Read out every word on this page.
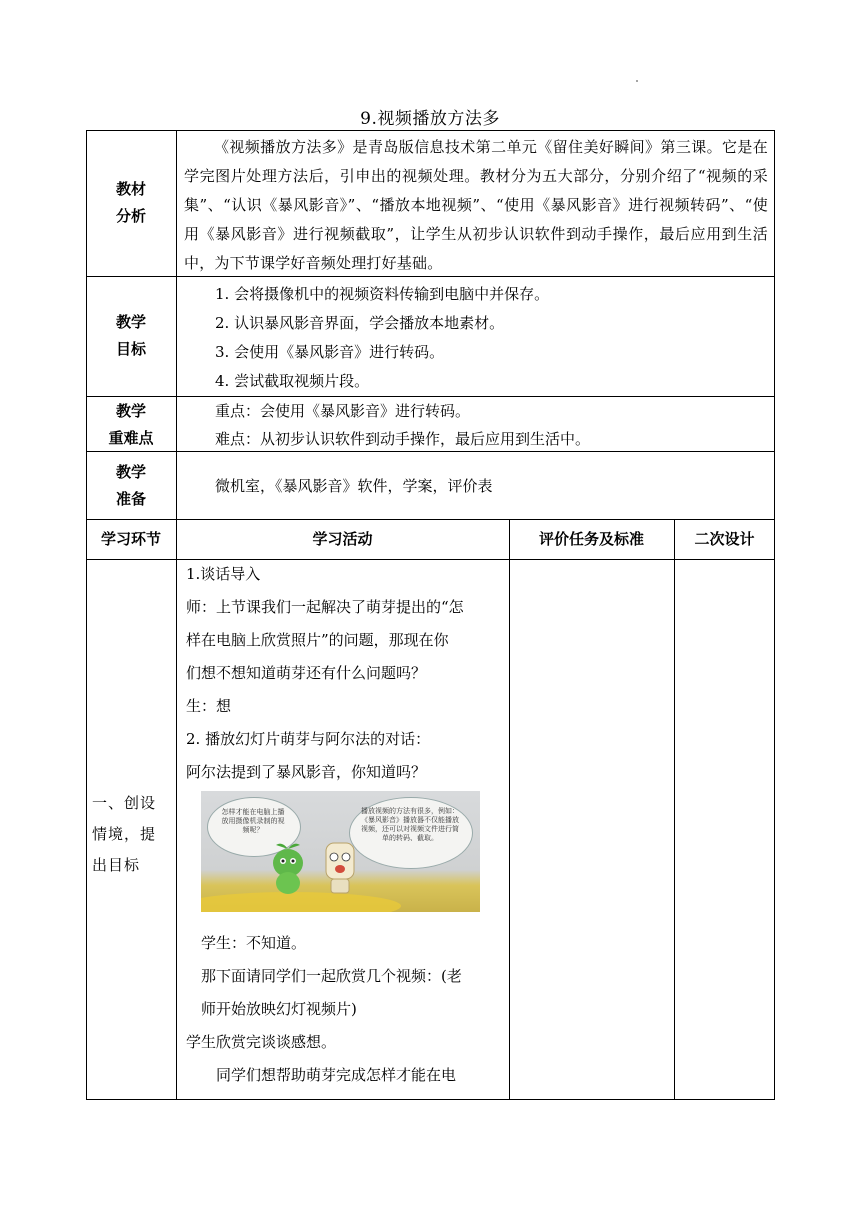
9.视频播放方法多
教材
分析
《视频播放方法多》是青岛版信息技术第二单元《留住美好瞬间》第三课。它是在学完图片处理方法后，引申出的视频处理。教材分为五大部分，分别介绍了“视频的采集”、“认识《暴风影音》”、“播放本地视频”、“使用《暴风影音》进行视频转码”、“使用《暴风影音》进行视频截取”，让学生从初步认识软件到动手操作，最后应用到生活中，为下节课学好音频处理打好基础。
教学
目标
1. 会将摄像机中的视频资料传输到电脑中并保存。
2. 认识暴风影音界面，学会播放本地素材。
3. 会使用《暴风影音》进行转码。
4. 尝试截取视频片段。
教学
重难点
重点：会使用《暴风影音》进行转码。
难点：从初步认识软件到动手操作，最后应用到生活中。
教学
准备
微机室，《暴风影音》软件，学案，评价表
学习环节	学习活动	评价任务及标准	二次设计
一、创设
情境，提
出目标
1.谈话导入
师：上节课我们一起解决了萌芽提出的“怎
样在电脑上欣赏照片”的问题，那现在你
们想不想知道萌芽还有什么问题吗？
生：想
2. 播放幻灯片萌芽与阿尔法的对话：
阿尔法提到了暴风影音，你知道吗？
怎样才能在电脑上播放用摄像机录制的视频呢？
播放视频的方法有很多，例如：《暴风影音》播放器不仅能播放视频，还可以对视频文件进行简单的转码、截取。
学生：不知道。
那下面请同学们一起欣赏几个视频：(老
师开始放映幻灯视频片)
学生欣赏完谈谈感想。
同学们想帮助萌芽完成怎样才能在电
